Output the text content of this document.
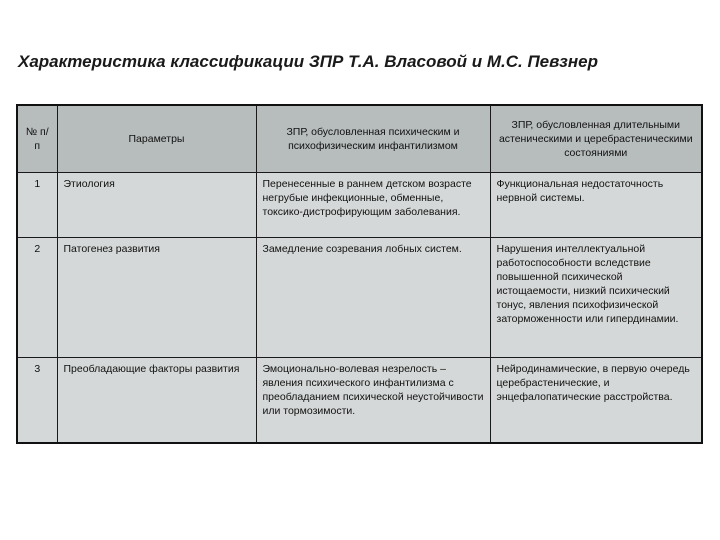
Характеристика классификации ЗПР Т.А. Власовой и М.С. Певзнер
№ п/п	Параметры	ЗПР, обусловленная психическим и психофизическим инфантилизмом	ЗПР, обусловленная длительными астеническими и церебрастеническими состояниями
1	Этиология	Перенесенные в раннем детском возрасте негрубые инфекционные, обменные, токсико-дистрофирующим заболевания.	Функциональная недостаточность нервной системы.
2	Патогенез развития	Замедление созревания лобных систем.	Нарушения интеллектуальной работоспособности вследствие повышенной психической истощаемости, низкий психический тонус, явления психофизической заторможенности или гипердинамии.
3	Преобладающие факторы развития	Эмоционально-волевая незрелость – явления психического инфантилизма с преобладанием психической неустойчивости или тормозимости.	Нейродинамические, в первую очередь церебрастенические, и энцефалопатические расстройства.
